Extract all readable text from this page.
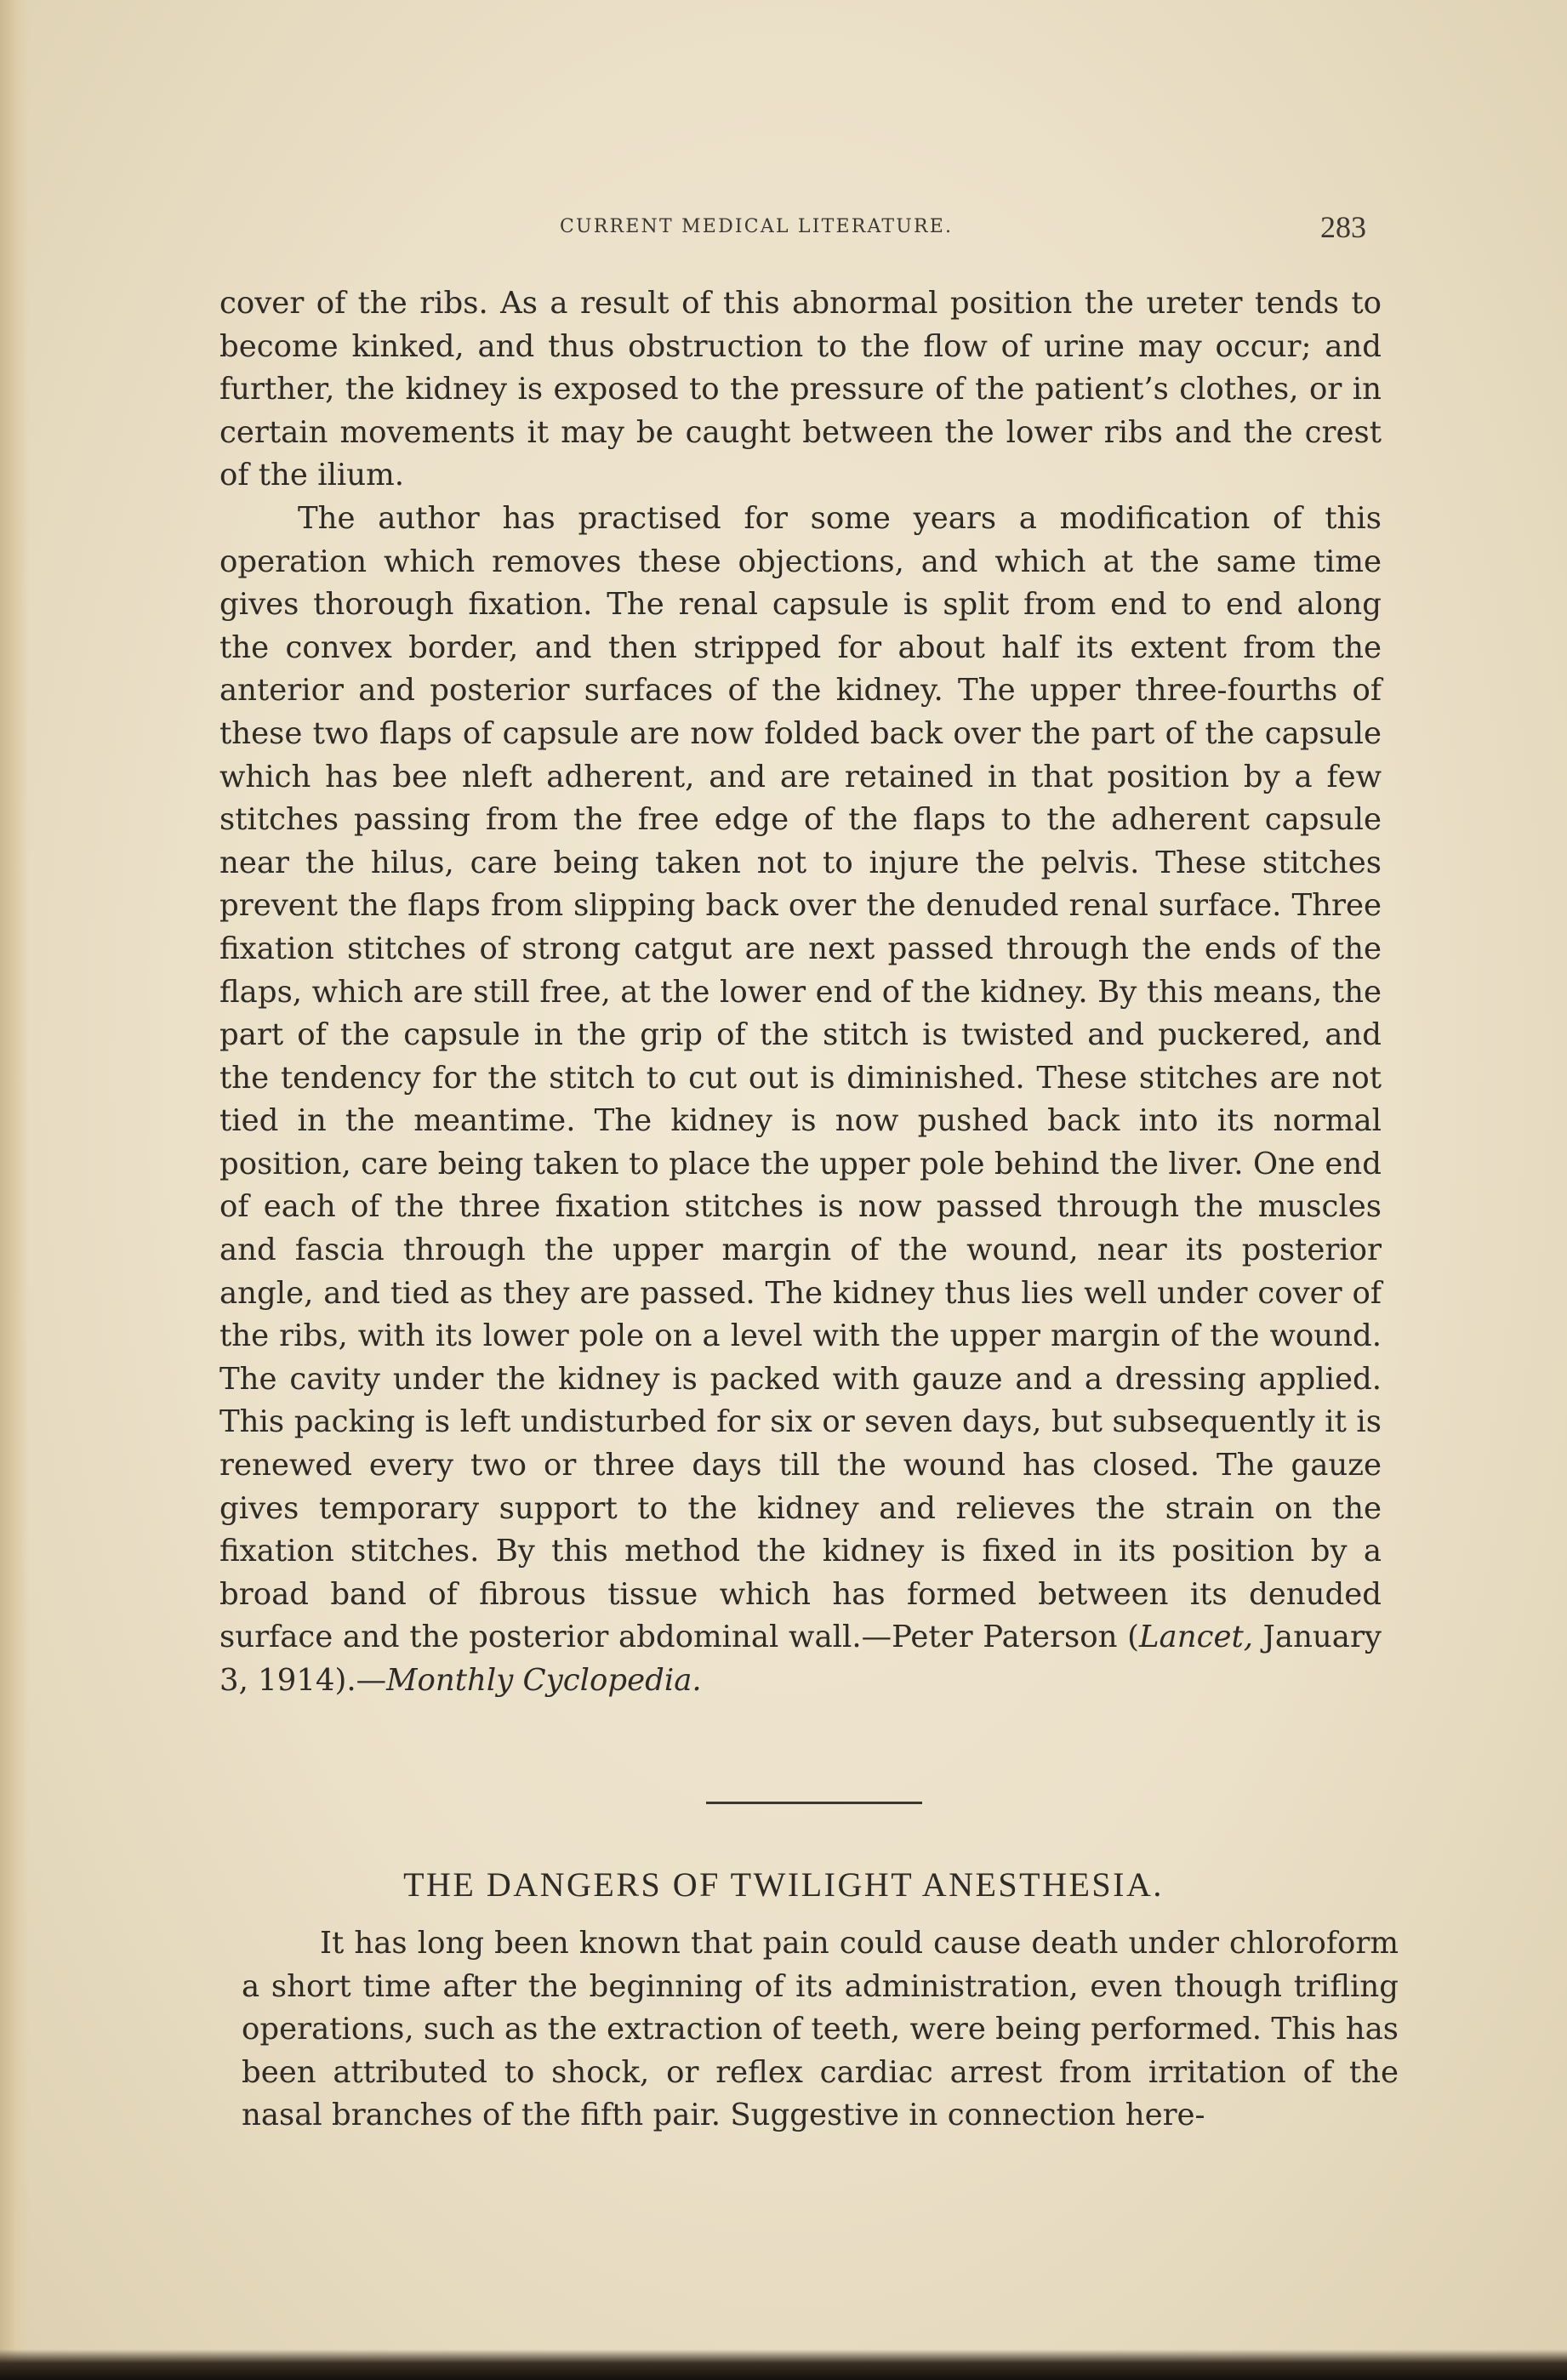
CURRENT MEDICAL LITERATURE.	283

cover of the ribs. As a result of this abnormal position the ureter tends to become kinked, and thus obstruction to the flow of urine may occur; and further, the kidney is exposed to the pressure of the patient’s clothes, or in certain movements it may be caught between the lower ribs and the crest of the ilium.

The author has practised for some years a modification of this operation which removes these objections, and which at the same time gives thorough fixation. The renal capsule is split from end to end along the convex border, and then stripped for about half its extent from the anterior and posterior surfaces of the kidney. The upper three-fourths of these two flaps of capsule are now folded back over the part of the capsule which has bee nleft adherent, and are retained in that position by a few stitches passing from the free edge of the flaps to the adherent capsule near the hilus, care being taken not to injure the pelvis. These stitches prevent the flaps from slipping back over the denuded renal surface. Three fixation stitches of strong catgut are next passed through the ends of the flaps, which are still free, at the lower end of the kidney. By this means, the part of the capsule in the grip of the stitch is twisted and puckered, and the tendency for the stitch to cut out is diminished. These stitches are not tied in the meantime. The kidney is now pushed back into its normal position, care being taken to place the upper pole behind the liver. One end of each of the three fixation stitches is now passed through the muscles and fascia through the upper margin of the wound, near its posterior angle, and tied as they are passed. The kidney thus lies well under cover of the ribs, with its lower pole on a level with the upper margin of the wound. The cavity under the kidney is packed with gauze and a dressing applied. This packing is left undisturbed for six or seven days, but subsequently it is renewed every two or three days till the wound has closed. The gauze gives temporary support to the kidney and relieves the strain on the fixation stitches. By this method the kidney is fixed in its position by a broad band of fibrous tissue which has formed between its denuded surface and the posterior abdominal wall.—Peter Paterson (Lancet, January 3, 1914).—Monthly Cyclopedia.

THE DANGERS OF TWILIGHT ANESTHESIA.

It has long been known that pain could cause death under chloroform a short time after the beginning of its administration, even though trifling operations, such as the extraction of teeth, were being performed. This has been attributed to shock, or reflex cardiac arrest from irritation of the nasal branches of the fifth pair. Suggestive in connection here-
